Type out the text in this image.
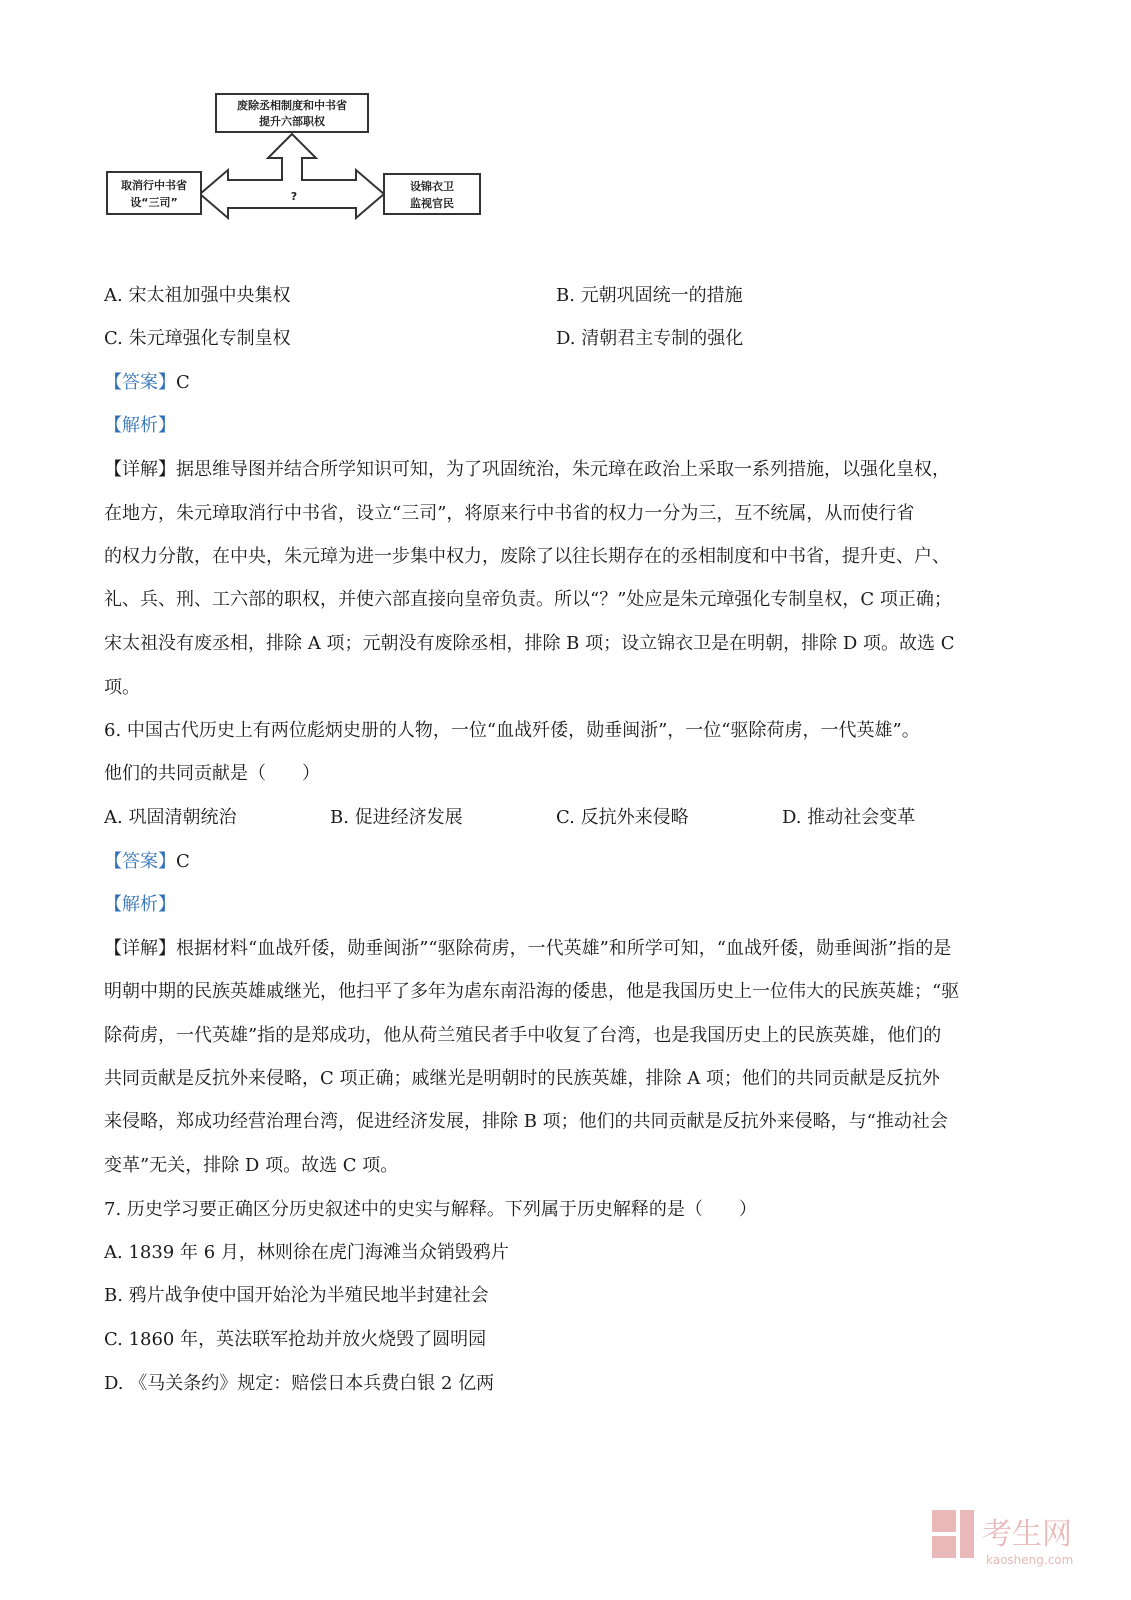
废除丞相制度和中书省
提升六部职权
?
取消行中书省
设“三司”
设锦衣卫
监视官民
A. 宋太祖加强中央集权	B. 元朝巩固统一的措施
C. 朱元璋强化专制皇权	D. 清朝君主专制的强化
【答案】C
【解析】
【详解】据思维导图并结合所学知识可知，为了巩固统治，朱元璋在政治上采取一系列措施，以强化皇权，
在地方，朱元璋取消行中书省，设立“三司”，将原来行中书省的权力一分为三，互不统属，从而使行省
的权力分散，在中央，朱元璋为进一步集中权力，废除了以往长期存在的丞相制度和中书省，提升吏、户、
礼、兵、刑、工六部的职权，并使六部直接向皇帝负责。所以“？”处应是朱元璋强化专制皇权，C 项正确；
宋太祖没有废丞相，排除 A 项；元朝没有废除丞相，排除 B 项；设立锦衣卫是在明朝，排除 D 项。故选 C
项。
6. 中国古代历史上有两位彪炳史册的人物，一位“血战歼倭，勋垂闽浙”，一位“驱除荷虏，一代英雄”。
他们的共同贡献是（　　）
A. 巩固清朝统治	B. 促进经济发展	C. 反抗外来侵略	D. 推动社会变革
【答案】C
【解析】
【详解】根据材料“血战歼倭，勋垂闽浙”“驱除荷虏，一代英雄”和所学可知，“血战歼倭，勋垂闽浙”指的是
明朝中期的民族英雄戚继光，他扫平了多年为虐东南沿海的倭患，他是我国历史上一位伟大的民族英雄；“驱
除荷虏，一代英雄”指的是郑成功，他从荷兰殖民者手中收复了台湾，也是我国历史上的民族英雄，他们的
共同贡献是反抗外来侵略，C 项正确；戚继光是明朝时的民族英雄，排除 A 项；他们的共同贡献是反抗外
来侵略，郑成功经营治理台湾，促进经济发展，排除 B 项；他们的共同贡献是反抗外来侵略，与“推动社会
变革”无关，排除 D 项。故选 C 项。
7. 历史学习要正确区分历史叙述中的史实与解释。下列属于历史解释的是（　　）
A. 1839 年 6 月，林则徐在虎门海滩当众销毁鸦片
B. 鸦片战争使中国开始沦为半殖民地半封建社会
C. 1860 年，英法联军抢劫并放火烧毁了圆明园
D. 《马关条约》规定：赔偿日本兵费白银 2 亿两
考生网
kaosheng.com
